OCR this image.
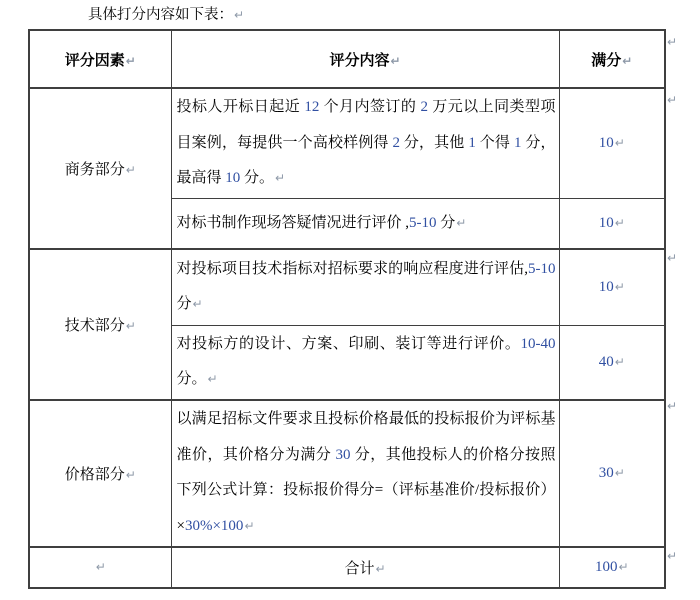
具体打分内容如下表：↵
评分因素↵	评分内容↵	满分↵
商务部分↵	投标人开标日起近 12 个月内签订的 2 万元以上同类型项目案例，每提供一个高校样例得 2 分，其他 1 个得 1 分，最高得 10 分。↵	10↵
	对标书制作现场答疑情况进行评价 ,5-10 分↵	10↵
技术部分↵	对投标项目技术指标对招标要求的响应程度进行评估,5-10 分↵	10↵
	对投标方的设计、方案、印刷、装订等进行评价。10-40 分。↵	40↵
价格部分↵	以满足招标文件要求且投标价格最低的投标报价为评标基准价，其价格分为满分 30 分，其他投标人的价格分按照下列公式计算：投标报价得分=（评标基准价/投标报价）×30%×100↵	30↵
↵	合计↵	100↵
↵
↵
↵
↵
↵
